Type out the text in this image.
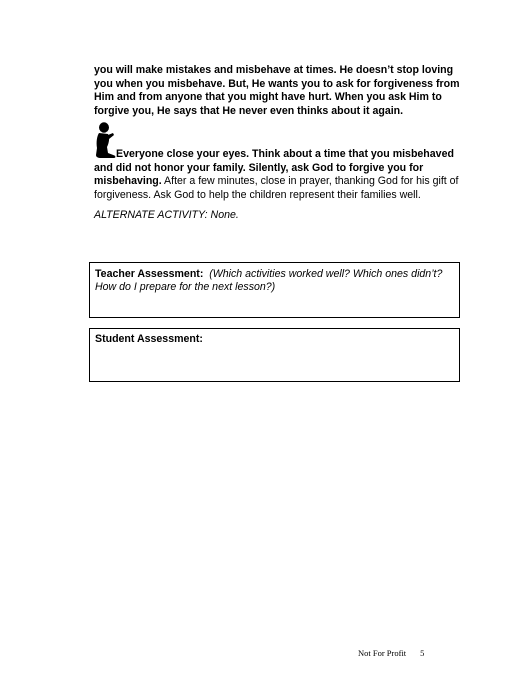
you will make mistakes and misbehave at times. He doesn’t stop loving you when you misbehave. But, He wants you to ask for forgiveness from Him and from anyone that you might have hurt. When you ask Him to forgive you, He says that He never even thinks about it again.

Everyone close your eyes. Think about a time that you misbehaved and did not honor your family. Silently, ask God to forgive you for misbehaving. After a few minutes, close in prayer, thanking God for his gift of forgiveness. Ask God to help the children represent their families well.

ALTERNATE ACTIVITY: None.

Teacher Assessment: (Which activities worked well? Which ones didn’t? How do I prepare for the next lesson?)

Student Assessment:

Not For Profit 5
